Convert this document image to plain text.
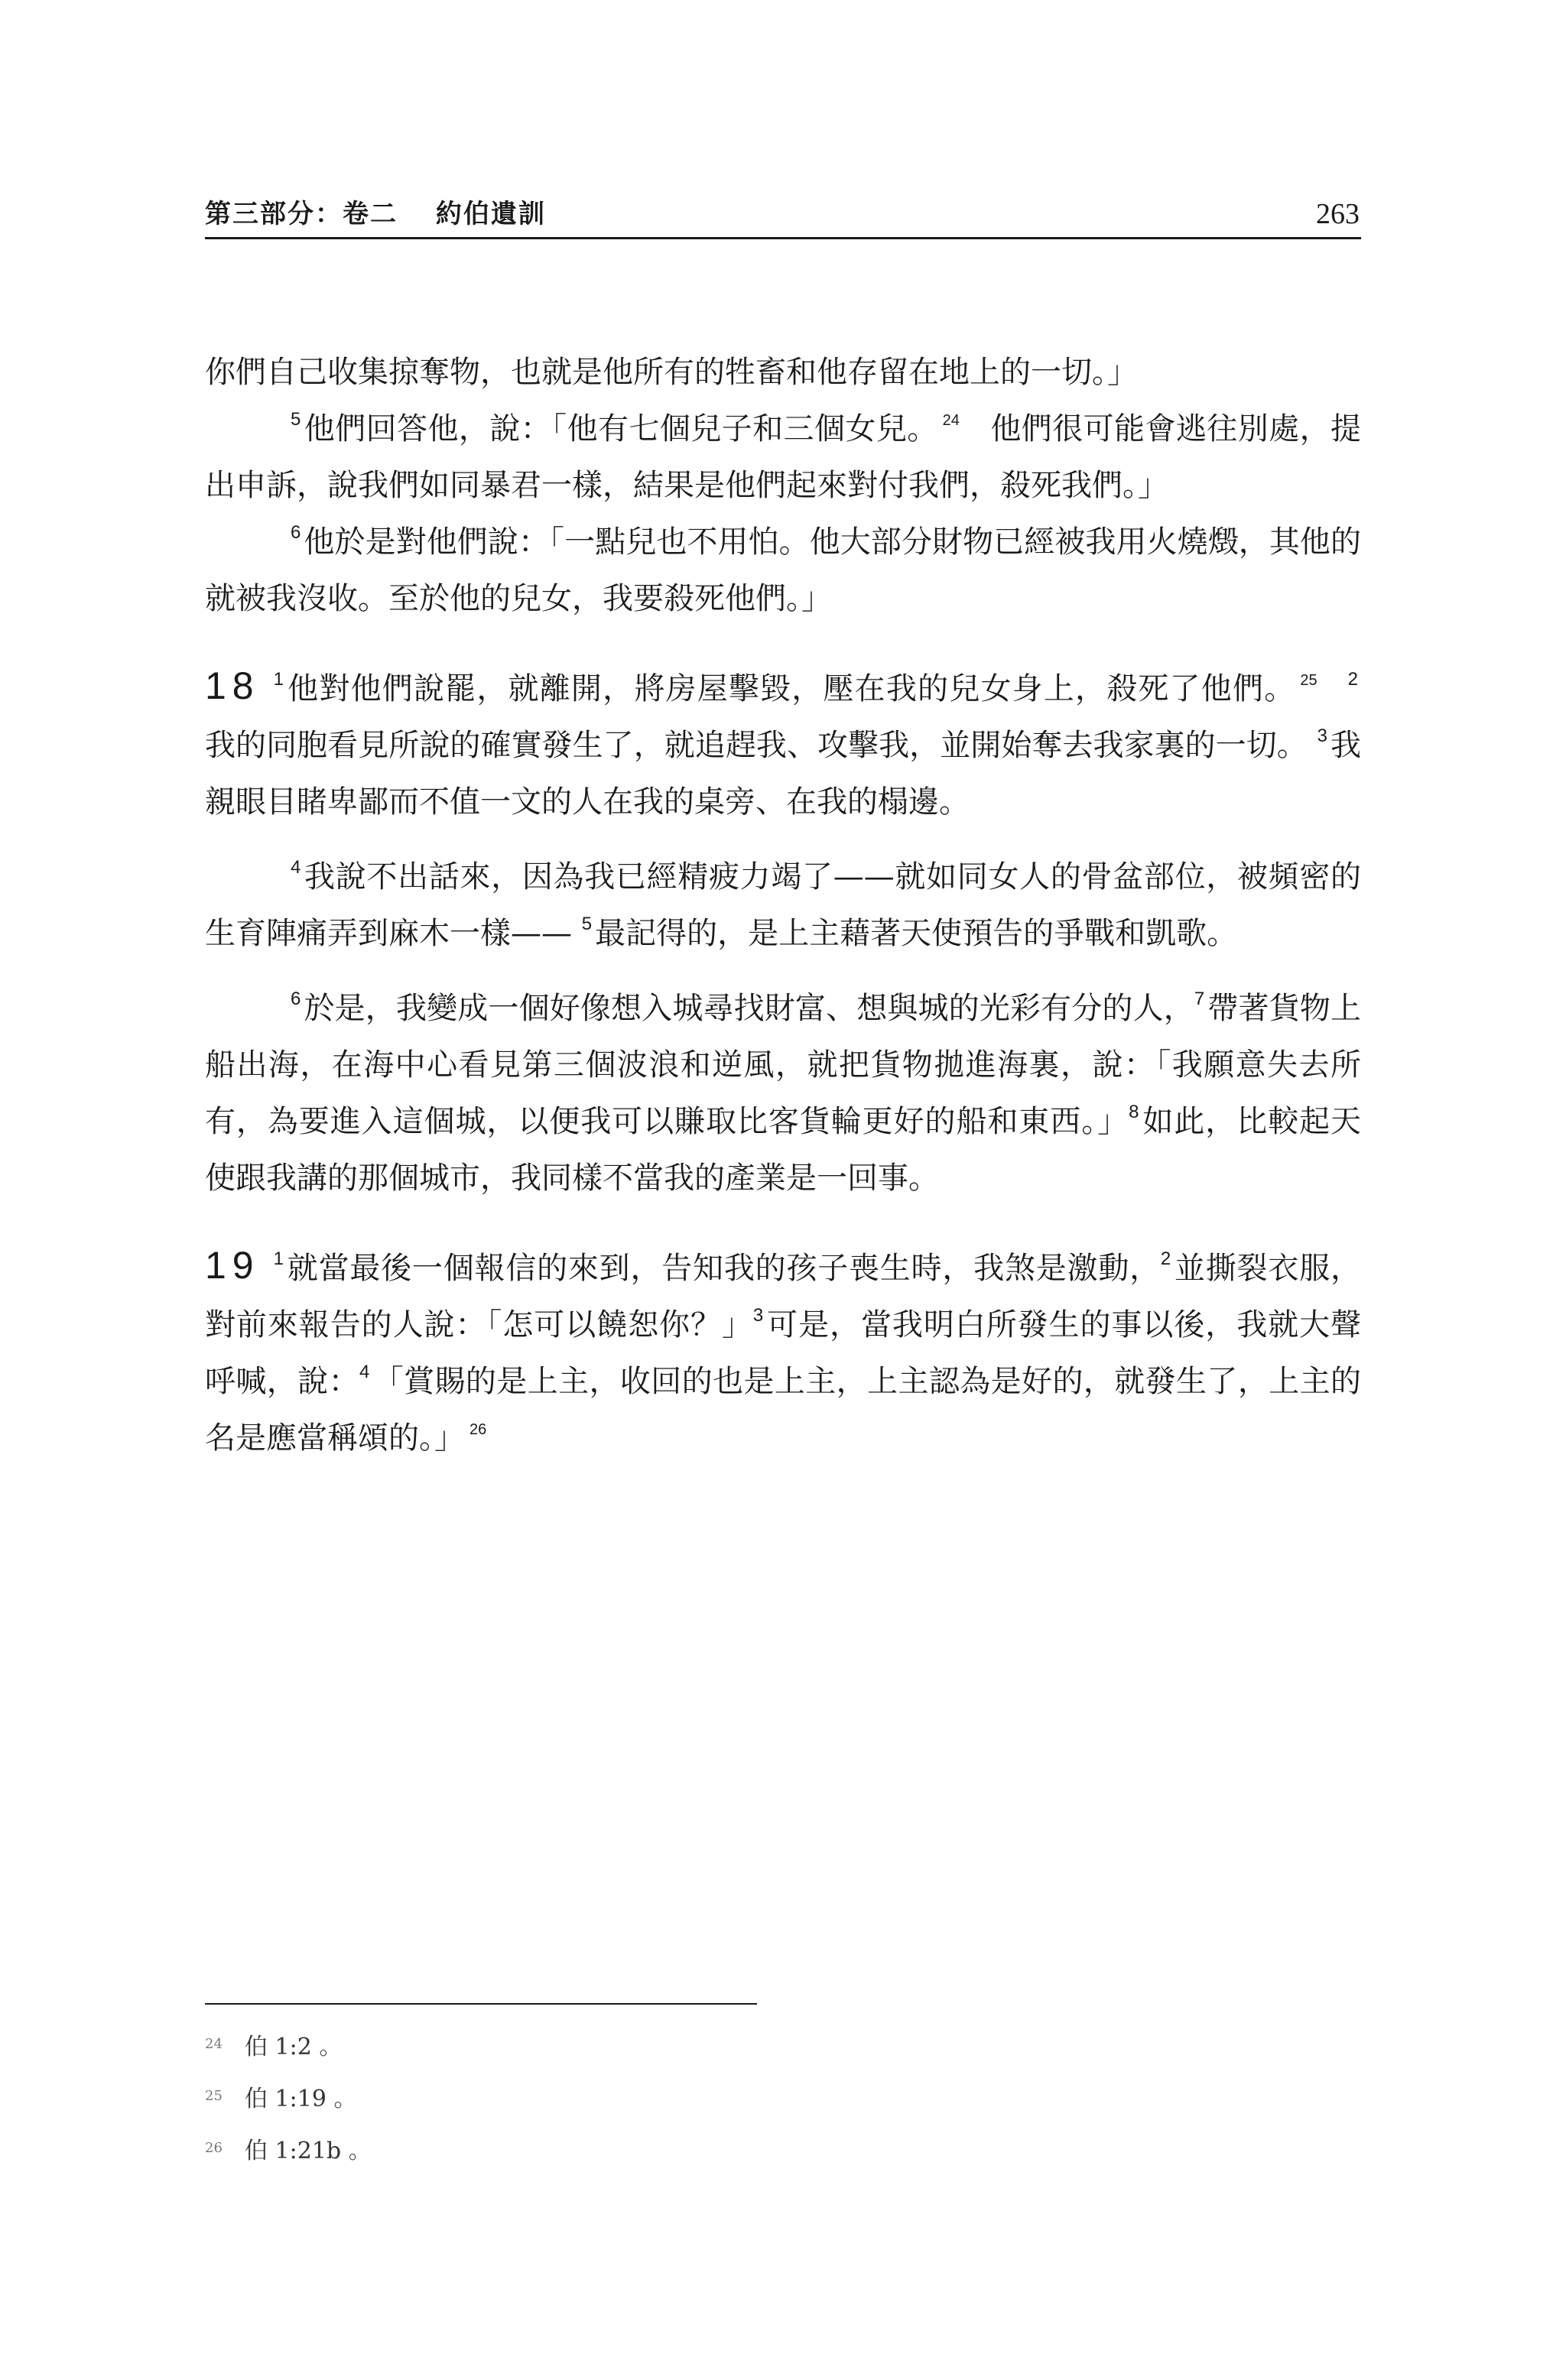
第三部分：卷二　 約伯遺訓	263

你們自己收集掠奪物，也就是他所有的牲畜和他存留在地上的一切。」

$^5$ 他們回答他，說：「他有七個兒子和三個女兒。 $^{24}$  他們很可能會逃往別處，提出申訴，說我們如同暴君一樣，結果是他們起來對付我們，殺死我們。」

$^6$ 他於是對他們說：「一點兒也不用怕。他大部分財物已經被我用火燒燬，其他的就被我沒收。至於他的兒女，我要殺死他們。」

18 $^1$ 他對他們說罷，就離開，將房屋擊毀，壓在我的兒女身上，殺死了他們。 $^{25}$  $^2$我的同胞看見所說的確實發生了，就追趕我、攻擊我，並開始奪去我家裏的一切。 $^3$ 我親眼目睹卑鄙而不值一文的人在我的桌旁、在我的榻邊。

$^4$ 我說不出話來，因為我已經精疲力竭了——就如同女人的骨盆部位，被頻密的生育陣痛弄到麻木一樣—— $^5$ 最記得的，是上主藉著天使預告的爭戰和凱歌。

$^6$ 於是，我變成一個好像想入城尋找財富、想與城的光彩有分的人，$^7$ 帶著貨物上船出海，在海中心看見第三個波浪和逆風，就把貨物拋進海裏，說：「我願意失去所有，為要進入這個城，以便我可以賺取比客貨輪更好的船和東西。」$^8$ 如此，比較起天使跟我講的那個城市，我同樣不當我的產業是一回事。

19 $^1$ 就當最後一個報信的來到，告知我的孩子喪生時，我煞是激動，$^2$ 並撕裂衣服，對前來報告的人說：「怎可以饒恕你？」$^3$ 可是，當我明白所發生的事以後，我就大聲呼喊，說：$^4$ 「賞賜的是上主，收回的也是上主，上主認為是好的，就發生了，上主的名是應當稱頌的。」 $^{26}$

24 伯 1:2 。
25 伯 1:19 。
26 伯 1:21b 。
